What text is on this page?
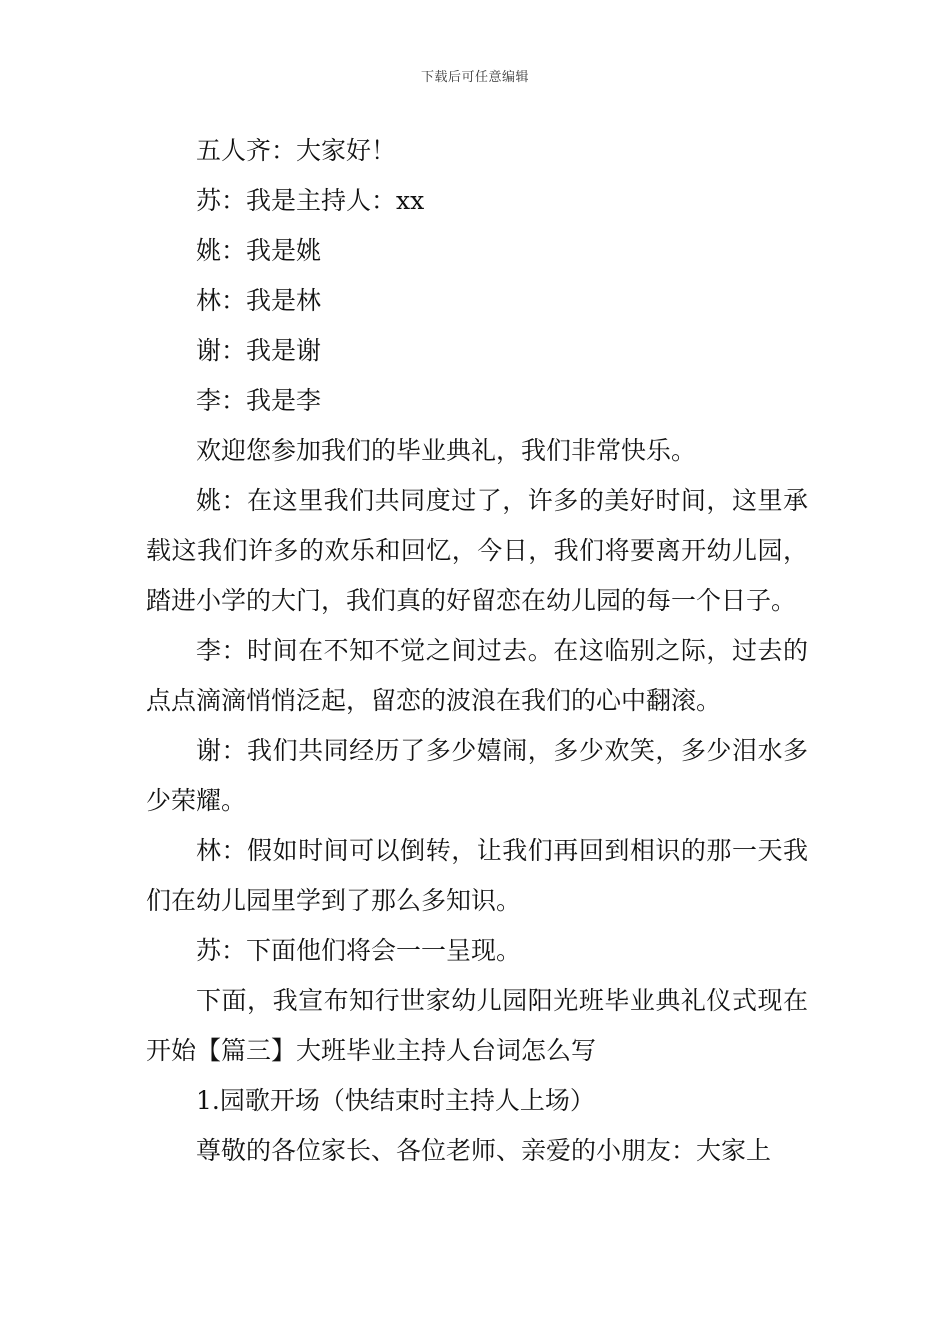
下载后可任意编辑

五人齐：大家好！

苏：我是主持人：xx

姚：我是姚

林：我是林

谢：我是谢

李：我是李

欢迎您参加我们的毕业典礼，我们非常快乐。

姚：在这里我们共同度过了，许多的美好时间，这里承载这我们许多的欢乐和回忆，今日，我们将要离开幼儿园，踏进小学的大门，我们真的好留恋在幼儿园的每一个日子。

李：时间在不知不觉之间过去。在这临别之际，过去的点点滴滴悄悄泛起，留恋的波浪在我们的心中翻滚。

谢：我们共同经历了多少嬉闹，多少欢笑，多少泪水多少荣耀。

林：假如时间可以倒转，让我们再回到相识的那一天我们在幼儿园里学到了那么多知识。

苏：下面他们将会一一呈现。

下面，我宣布知行世家幼儿园阳光班毕业典礼仪式现在开始【篇三】大班毕业主持人台词怎么写

1.园歌开场（快结束时主持人上场）

尊敬的各位家长、各位老师、亲爱的小朋友：大家上
